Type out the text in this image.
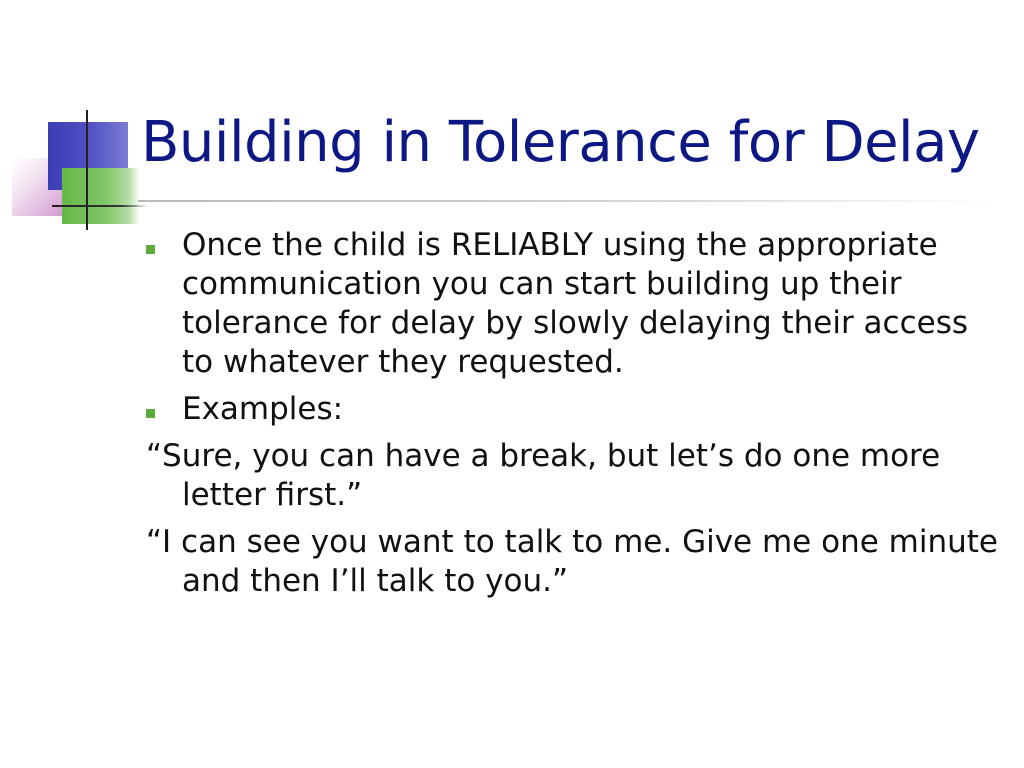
Building in Tolerance for Delay
Once the child is RELIABLY using the appropriate communication you can start building up their tolerance for delay by slowly delaying their access to whatever they requested.
Examples:
“Sure, you can have a break, but let’s do one more letter first.”
“I can see you want to talk to me. Give me one minute and then I’ll talk to you.”
